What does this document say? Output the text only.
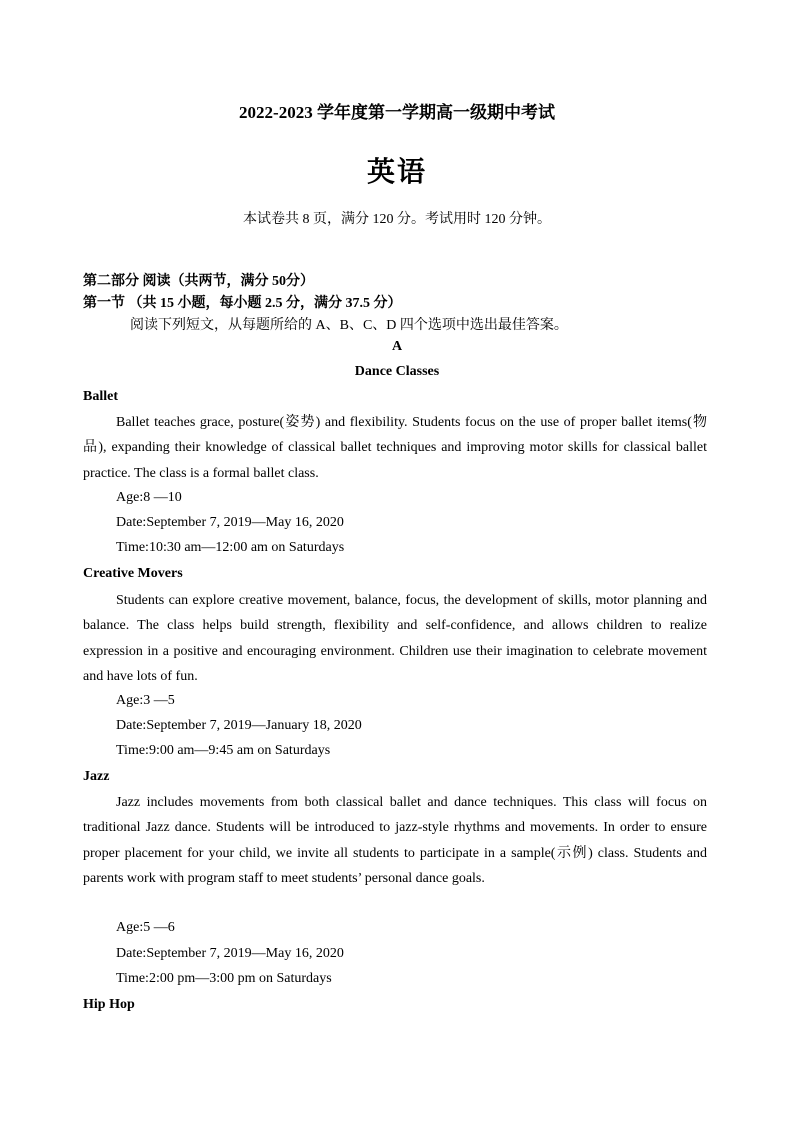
2022-2023 学年度第一学期高一级期中考试
英语
本试卷共 8 页，满分 120 分。考试用时 120 分钟。
第二部分 阅读（共两节，满分 50分）
第一节 （共 15 小题，每小题 2.5 分，满分 37.5 分）
阅读下列短文，从每题所给的 A、B、C、D 四个选项中选出最佳答案。
A
Dance Classes
Ballet

Ballet teaches grace, posture(姿势) and flexibility. Students focus on the use of proper ballet items(物品), expanding their knowledge of classical ballet techniques and improving motor skills for classical ballet practice. The class is a formal ballet class.

Age:8 —10
Date:September 7, 2019—May 16, 2020
Time:10:30 am—12:00 am on Saturdays
Creative Movers

Students can explore creative movement, balance, focus, the development of skills, motor planning and balance. The class helps build strength, flexibility and self-confidence, and allows children to realize expression in a positive and encouraging environment. Children use their imagination to celebrate movement and have lots of fun.

Age:3 —5
Date:September 7, 2019—January 18, 2020
Time:9:00 am—9:45 am on Saturdays
Jazz

Jazz includes movements from both classical ballet and dance techniques. This class will focus on traditional Jazz dance. Students will be introduced to jazz-style rhythms and movements. In order to ensure proper placement for your child, we invite all students to participate in a sample(示例) class. Students and parents work with program staff to meet students’ personal dance goals.

Age:5 —6
Date:September 7, 2019—May 16, 2020
Time:2:00 pm—3:00 pm on Saturdays
Hip Hop
